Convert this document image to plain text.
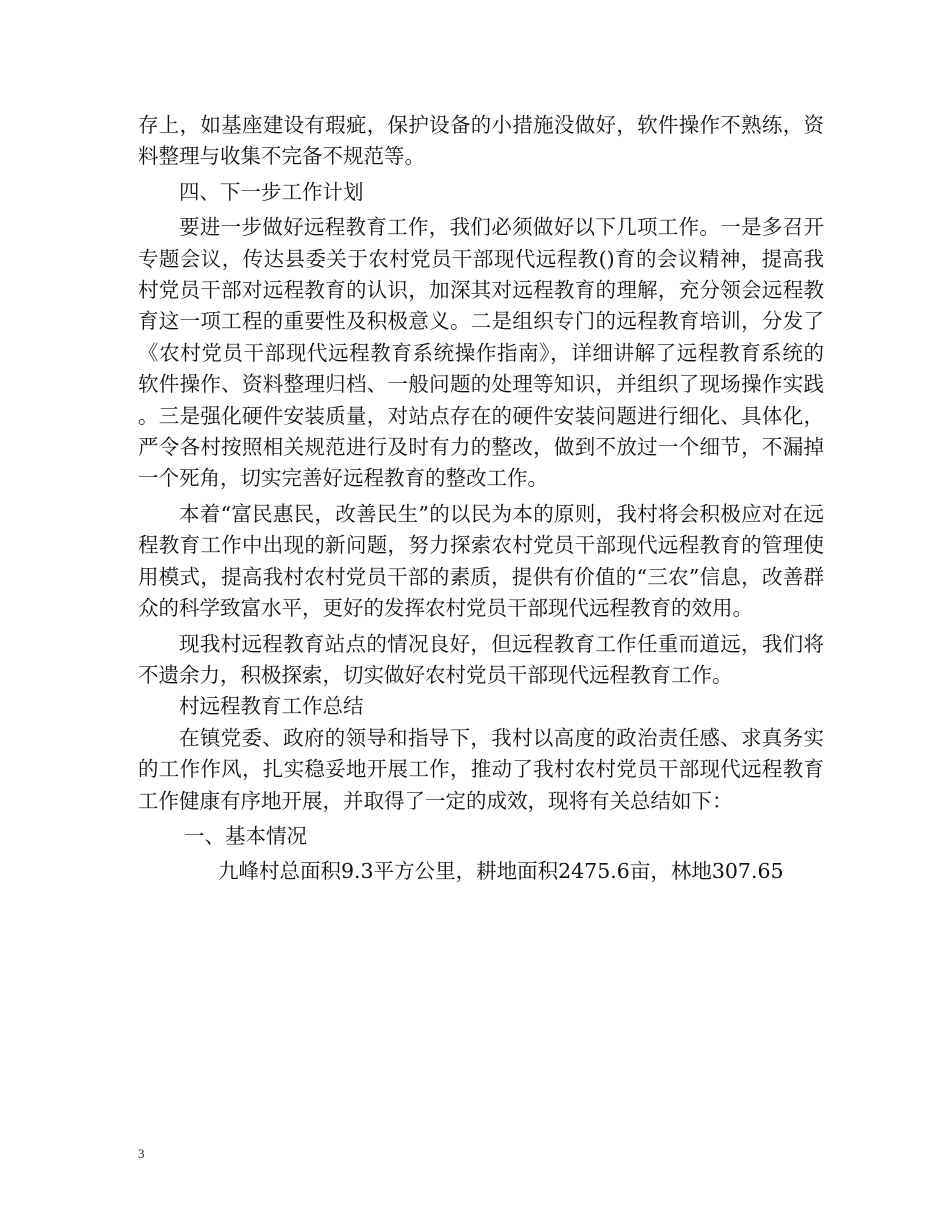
存上，如基座建设有瑕疵，保护设备的小措施没做好，软件操作不熟练，资料整理与收集不完备不规范等。

四、下一步工作计划

要进一步做好远程教育工作，我们必须做好以下几项工作。一是多召开专题会议，传达县委关于农村党员干部现代远程教()育的会议精神，提高我村党员干部对远程教育的认识，加深其对远程教育的理解，充分领会远程教育这一项工程的重要性及积极意义。二是组织专门的远程教育培训，分发了《农村党员干部现代远程教育系统操作指南》，详细讲解了远程教育系统的软件操作、资料整理归档、一般问题的处理等知识，并组织了现场操作实践。三是强化硬件安装质量，对站点存在的硬件安装问题进行细化、具体化，严令各村按照相关规范进行及时有力的整改，做到不放过一个细节，不漏掉一个死角，切实完善好远程教育的整改工作。

本着“富民惠民，改善民生”的以民为本的原则，我村将会积极应对在远程教育工作中出现的新问题，努力探索农村党员干部现代远程教育的管理使用模式，提高我村农村党员干部的素质，提供有价值的“三农”信息，改善群众的科学致富水平，更好的发挥农村党员干部现代远程教育的效用。

现我村远程教育站点的情况良好，但远程教育工作任重而道远，我们将不遗余力，积极探索，切实做好农村党员干部现代远程教育工作。

村远程教育工作总结

在镇党委、政府的领导和指导下，我村以高度的政治责任感、求真务实的工作作风，扎实稳妥地开展工作，推动了我村农村党员干部现代远程教育工作健康有序地开展，并取得了一定的成效，现将有关总结如下：

一、基本情况

九峰村总面积9.3平方公里，耕地面积2475.6亩，林地307.65

3
